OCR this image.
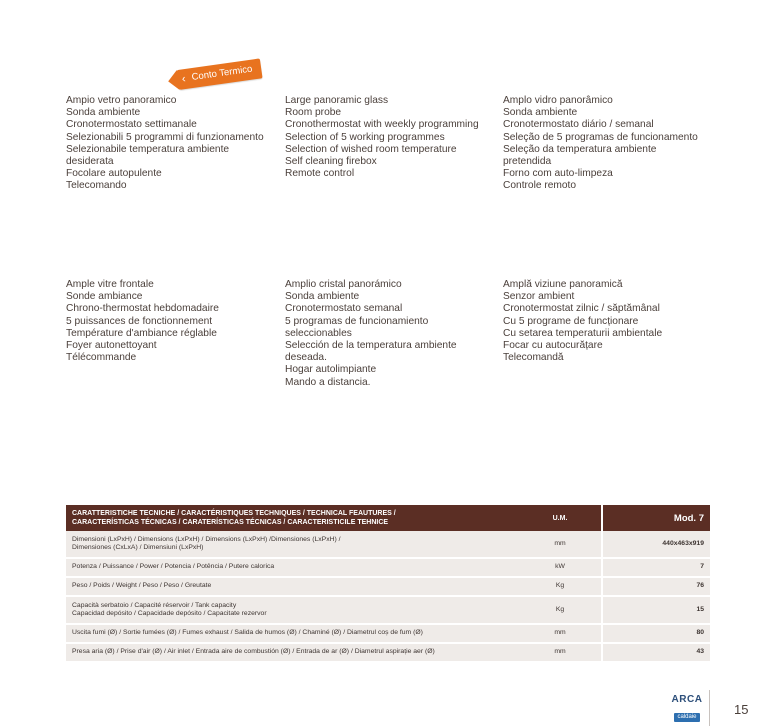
‹ Conto Termico
Ampio vetro panoramico
Sonda ambiente
Cronotermostato settimanale
Selezionabili 5 programmi di funzionamento
Selezionabile temperatura ambiente desiderata
Focolare autopulente
Telecomando
Large panoramic glass
Room probe
Cronothermostat with weekly programming
Selection of 5 working programmes
Selection of wished room temperature
Self cleaning firebox
Remote control
Amplo vidro panorâmico
Sonda ambiente
Cronotermostato diário / semanal
Seleção de 5 programas de funcionamento
Seleção da temperatura ambiente pretendida
Forno com auto-limpeza
Controle remoto
Ample vitre frontale
Sonde ambiance
Chrono-thermostat hebdomadaire
5 puissances de fonctionnement
Température d'ambiance réglable
Foyer autonettoyant
Télécommande
Amplio cristal panorámico
Sonda ambiente
Cronotermostato semanal
5 programas de funcionamiento seleccionables
Selección de la temperatura ambiente deseada.
Hogar autolimpiante
Mando a distancia.
Amplă viziune panoramică
Senzor ambient
Cronotermostat zilnic / săptămânal
Cu 5 programe de funcționare
Cu setarea temperaturii ambientale
Focar cu autocurățare
Telecomandă
CARATTERISTICHE TECNICHE / CARACTÉRISTIQUES TECHNIQUES / TECHNICAL FEAUTURES /
CARACTERÍSTICAS TÉCNICAS / CARATERÍSTICAS TÉCNICAS / CARACTERISTICILE TEHNICE	U.M.	Mod. 7

Dimensioni (LxPxH) / Dimensions (LxPxH) / Dimensions (LxPxH) /Dimensiones (LxPxH) /
Dimensiones (CxLxA) / Dimensiuni (LxPxH)	mm	440x463x919
Potenza / Puissance / Power / Potencia / Potência / Putere calorica	kW	7
Peso / Poids / Weight / Peso / Peso / Greutate	Kg	76

Capacità serbatoio / Capacité réservoir / Tank capacity
Capacidad depósito / Capacidade depósito / Capacitate rezervor	Kg	15
Uscita fumi (Ø) / Sortie fumées (Ø) / Fumes exhaust / Salida de humos (Ø) / Chaminé (Ø) / Diametrul coș de fum (Ø)	mm	80
Presa aria (Ø) / Prise d'air (Ø) / Air inlet / Entrada aire de combustión (Ø) / Entrada de ar (Ø) / Diametrul aspirație aer (Ø)	mm	43
ARCA
caldaie	15
